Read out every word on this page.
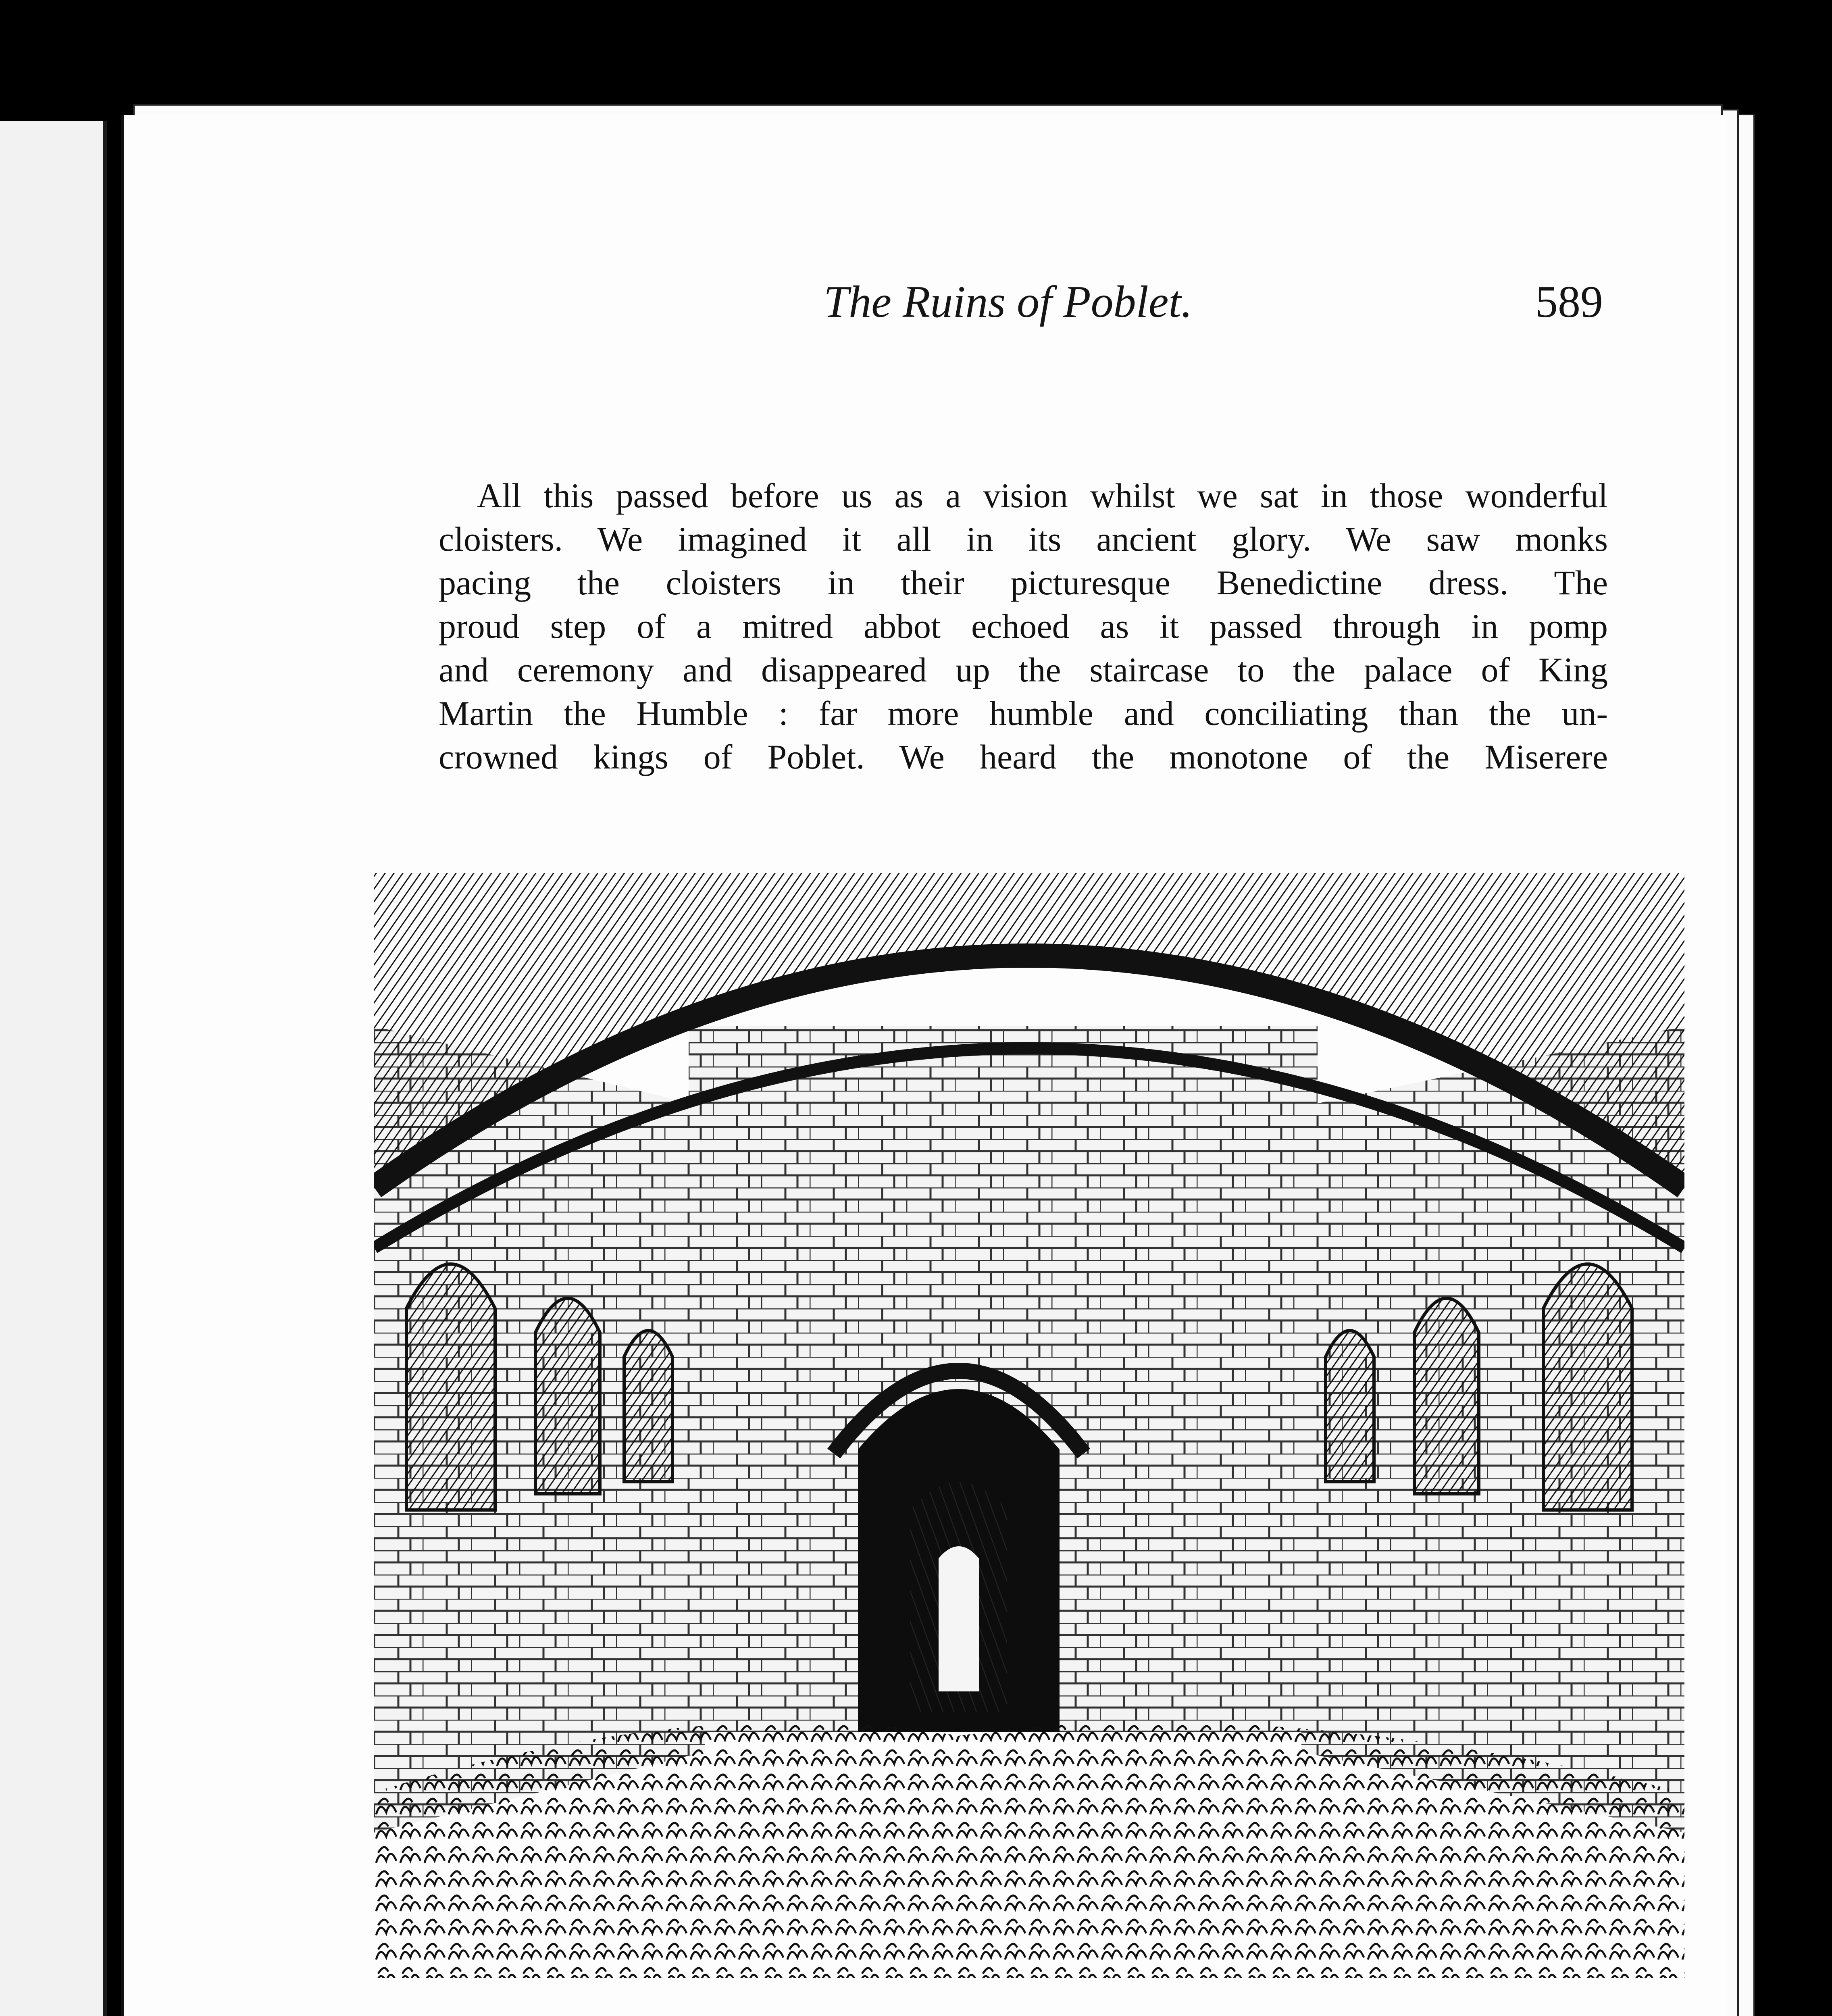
The Ruins of Poblet.	589
All this passed before us as a vision whilst we sat in those wonderful
cloisters. We imagined it all in its ancient glory. We saw monks
pacing the cloisters in their picturesque Benedictine dress. The
proud step of a mitred abbot echoed as it passed through in pomp
and ceremony and disappeared up the staircase to the palace of King
Martin the Humble : far more humble and conciliating than the un-
crowned kings of Poblet. We heard the monotone of the Miserere
